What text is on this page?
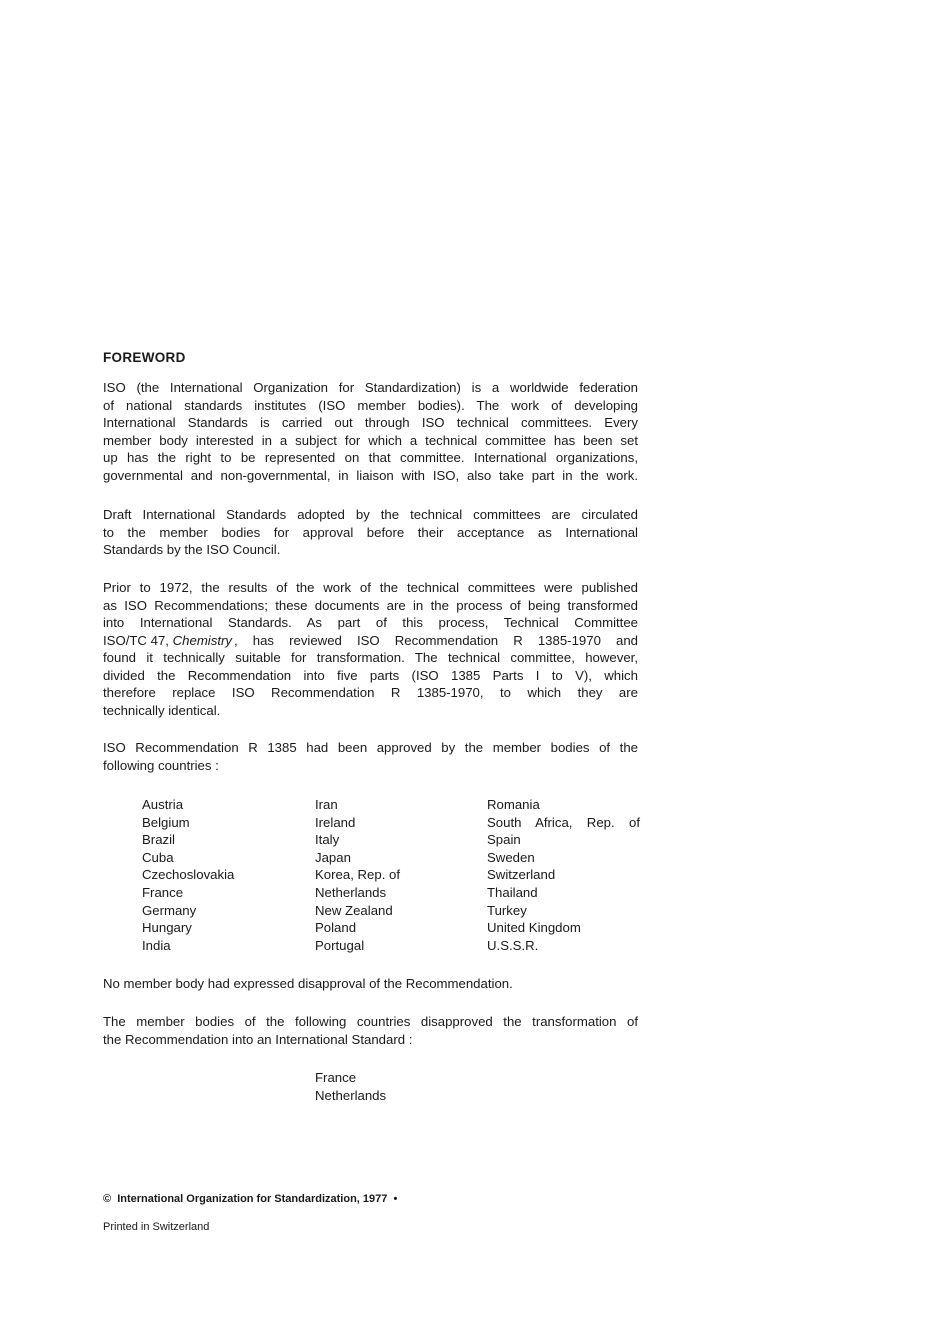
FOREWORD
ISO (the International Organization for Standardization) is a worldwide federation
of national standards institutes (ISO member bodies). The work of developing
International Standards is carried out through ISO technical committees. Every
member body interested in a subject for which a technical committee has been set
up has the right to be represented on that committee. International organizations,
governmental and non-governmental, in liaison with ISO, also take part in the work.
Draft International Standards adopted by the technical committees are circulated
to the member bodies for approval before their acceptance as International
Standards by the ISO Council.
Prior to 1972, the results of the work of the technical committees were published
as ISO Recommendations; these documents are in the process of being transformed
into International Standards. As part of this process, Technical Committee
ISO/TC 47, Chemistry , has reviewed ISO Recommendation R 1385-1970 and
found it technically suitable for transformation. The technical committee, however,
divided the Recommendation into five parts (ISO 1385 Parts I to V), which
therefore replace ISO Recommendation R 1385-1970, to which they are
technically identical.
ISO Recommendation R 1385 had been approved by the member bodies of the
following countries :
Austria
Belgium
Brazil
Cuba
Czechoslovakia
France
Germany
Hungary
India
Iran
Ireland
Italy
Japan
Korea, Rep. of
Netherlands
New Zealand
Poland
Portugal
Romania
South Africa, Rep. of
Spain
Sweden
Switzerland
Thailand
Turkey
United Kingdom
U.S.S.R.
No member body had expressed disapproval of the Recommendation.
The member bodies of the following countries disapproved the transformation of
the Recommendation into an International Standard :
France
Netherlands
©  International Organization for Standardization, 1977  •
Printed in Switzerland
